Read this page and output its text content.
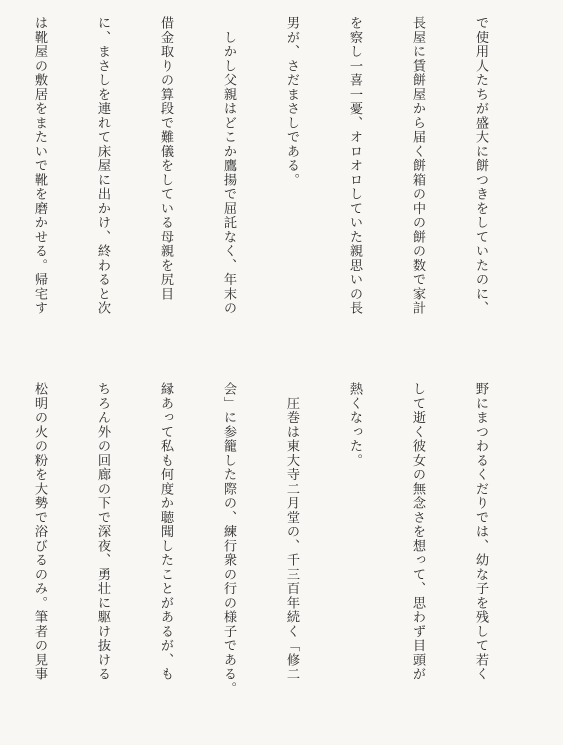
で使用人たちが盛大に餅つきをしていたのに、

長屋に賃餅屋から届く餅箱の中の餅の数で家計

を察し一喜一憂、オロオロしていた親思いの長

男が、さだまさしである。

　しかし父親はどこか鷹揚で屈託なく、年末の

借金取りの算段で難儀をしている母親を尻目

に、まさしを連れて床屋に出かけ、終わると次

は靴屋の敷居をまたいで靴を磨かせる。帰宅す

野にまつわるくだりでは、幼な子を残して若く

して逝く彼女の無念さを想って、思わず目頭が

熱くなった。

　圧巻は東大寺二月堂の、千三百年続く「修二

会」に参籠した際の、練行衆の行の様子である。

縁あって私も何度か聴聞したことがあるが、も

ちろん外の回廊の下で深夜、勇壮に駆け抜ける

松明の火の粉を大勢で浴びるのみ。筆者の見事
